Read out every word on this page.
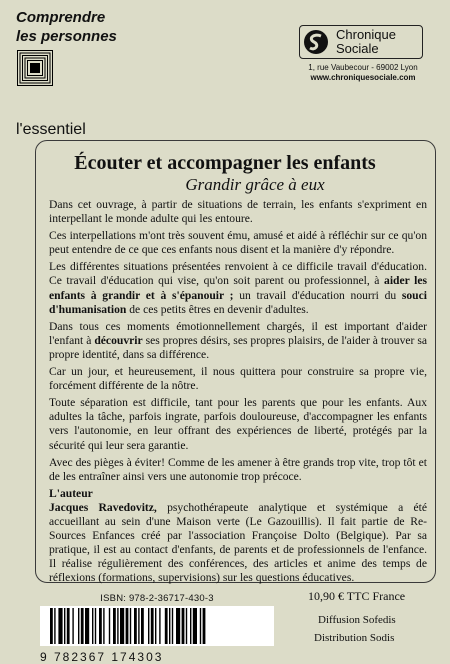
Comprendre
les personnes
l'essentiel
Chronique
Sociale
1, rue Vaubecour - 69002 Lyon
www.chroniquesociale.com
Écouter et accompagner les enfants
Grandir grâce à eux

Dans cet ouvrage, à partir de situations de terrain, les enfants s'expriment en interpellant le monde adulte qui les entoure.

Ces interpellations m'ont très souvent ému, amusé et aidé à réfléchir sur ce qu'on peut entendre de ce que ces enfants nous disent et la manière d'y répondre.

Les différentes situations présentées renvoient à ce difficile travail d'éducation. Ce travail d'éducation qui vise, qu'on soit parent ou professionnel, à aider les enfants à grandir et à s'épanouir ; un travail d'éducation nourri du souci d'humanisation de ces petits êtres en devenir d'adultes.

Dans tous ces moments émotionnellement chargés, il est important d'aider l'enfant à découvrir ses propres désirs, ses propres plaisirs, de l'aider à trouver sa propre identité, dans sa différence.

Car un jour, et heureusement, il nous quittera pour construire sa propre vie, forcément différente de la nôtre.

Toute séparation est difficile, tant pour les parents que pour les enfants. Aux adultes la tâche, parfois ingrate, parfois douloureuse, d'accompagner les enfants vers l'autonomie, en leur offrant des expériences de liberté, protégés par la sécurité qui leur sera garantie.

Avec des pièges à éviter! Comme de les amener à être grands trop vite, trop tôt et de les entraîner ainsi vers une autonomie trop précoce.

L'auteur

Jacques Ravedovitz, psychothérapeute analytique et systémique a été accueillant au sein d'une Maison verte (Le Gazouillis). Il fait partie de Re-Sources Enfances créé par l'association Françoise Dolto (Belgique). Par sa pratique, il est au contact d'enfants, de parents et de professionnels de l'enfance. Il réalise régulièrement des conférences, des articles et anime des temps de réflexions (formations, supervisions) sur les questions éducatives.

ISBN: 978-2-36717-430-3
9 782367 174303
10,90 € TTC France
Diffusion Sofedis
Distribution Sodis
